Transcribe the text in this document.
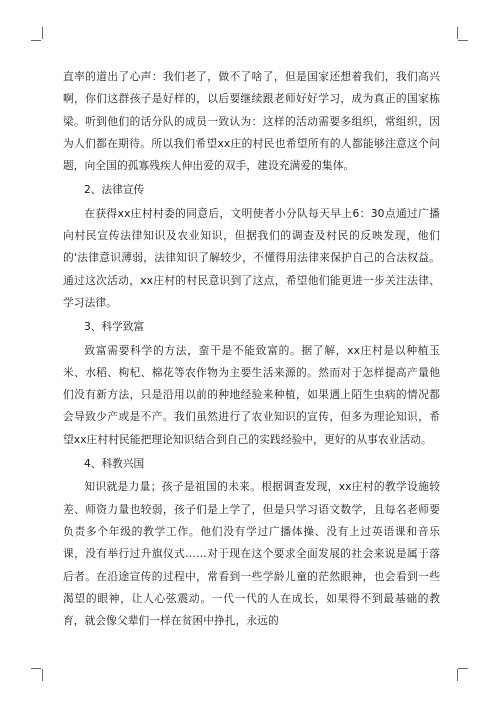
直率的道出了心声：我们老了，做不了啥了，但是国家还想着我们，我们高兴啊，你们这群孩子是好样的，以后要继续跟老师好好学习，成为真正的国家栋梁。听到他们的话分队的成员一致认为：这样的活动需要多组织，常组织，因为人们都在期待。所以我们希望xx庄的村民也希望所有的人都能够注意这个问题，向全国的孤寡残疾人伸出爱的双手，建设充满爱的集体。

2、法律宣传

在获得xx庄村村委的同意后，文明使者小分队每天早上6：30点通过广播向村民宣传法律知识及农业知识，但据我们的调查及村民的反映发现，他们的'法律意识薄弱，法律知识了解较少，不懂得用法律来保护自己的合法权益。通过这次活动，xx庄村的村民意识到了这点，希望他们能更进一步关注法律、学习法律。

3、科学致富

致富需要科学的方法，蛮干是不能致富的。据了解，xx庄村是以种植玉米、水稻、枸杞、棉花等农作物为主要生活来源的。然而对于怎样提高产量他们没有新方法，只是沿用以前的种地经验来种植，如果遇上陌生虫病的情况都会导致少产或是不产。我们虽然进行了农业知识的宣传，但多为理论知识，希望xx庄村村民能把理论知识结合到自己的实践经验中，更好的从事农业活动。

4、科教兴国

知识就是力量；孩子是祖国的未来。根据调查发现，xx庄村的教学设施较差、师资力量也较弱，孩子们是上学了，但是只学习语文数学，且每名老师要负责多个年级的教学工作。他们没有学过广播体操、没有上过英语课和音乐课，没有举行过升旗仪式……对于现在这个要求全面发展的社会来说是属于落后者。在沿途宣传的过程中，常看到一些学龄儿童的茫然眼神，也会看到一些渴望的眼神，让人心弦震动。一代一代的人在成长，如果得不到最基础的教育，就会像父辈们一样在贫困中挣扎，永远的
